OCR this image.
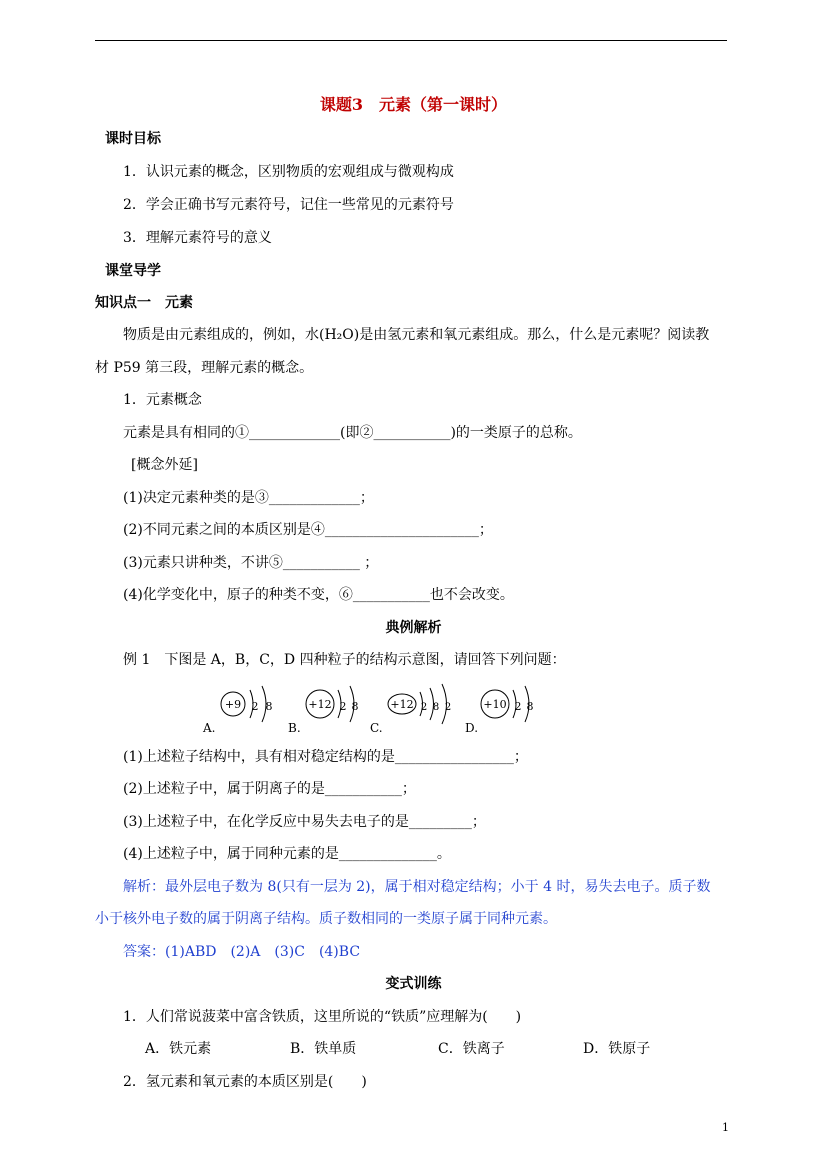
课题3　元素（第一课时）
课时目标
1．认识元素的概念，区别物质的宏观组成与微观构成
2．学会正确书写元素符号，记住一些常见的元素符号
3．理解元素符号的意义
课堂导学
知识点一　元素
物质是由元素组成的，例如，水(H₂O)是由氢元素和氧元素组成。那么，什么是元素呢？阅读教
材 P59 第三段，理解元素的概念。
1．元素概念
元素是具有相同的①_____________(即②___________)的一类原子的总称。
[概念外延]
(1)决定元素种类的是③_____________；
(2)不同元素之间的本质区别是④______________________；
(3)元素只讲种类，不讲⑤___________ ；
(4)化学变化中，原子的种类不变，⑥___________也不会改变。
典例解析
例 1　下图是 A，B，C，D 四种粒子的结构示意图，请回答下列问题：
+9 2 8
A.
+12 2 8
B.
+12 2 8 2
C.
+10 2 8
D.
(1)上述粒子结构中，具有相对稳定结构的是_________________；
(2)上述粒子中，属于阴离子的是___________；
(3)上述粒子中，在化学反应中易失去电子的是_________；
(4)上述粒子中，属于同种元素的是______________。
解析：最外层电子数为 8(只有一层为 2)，属于相对稳定结构；小于 4 时，易失去电子。质子数
小于核外电子数的属于阴离子结构。质子数相同的一类原子属于同种元素。
答案：(1)ABD　(2)A　(3)C　(4)BC
变式训练
1．人们常说菠菜中富含铁质，这里所说的“铁质”应理解为(　　)
A．铁元素	B．铁单质	C．铁离子	D．铁原子
2．氢元素和氧元素的本质区别是(　　)
1
